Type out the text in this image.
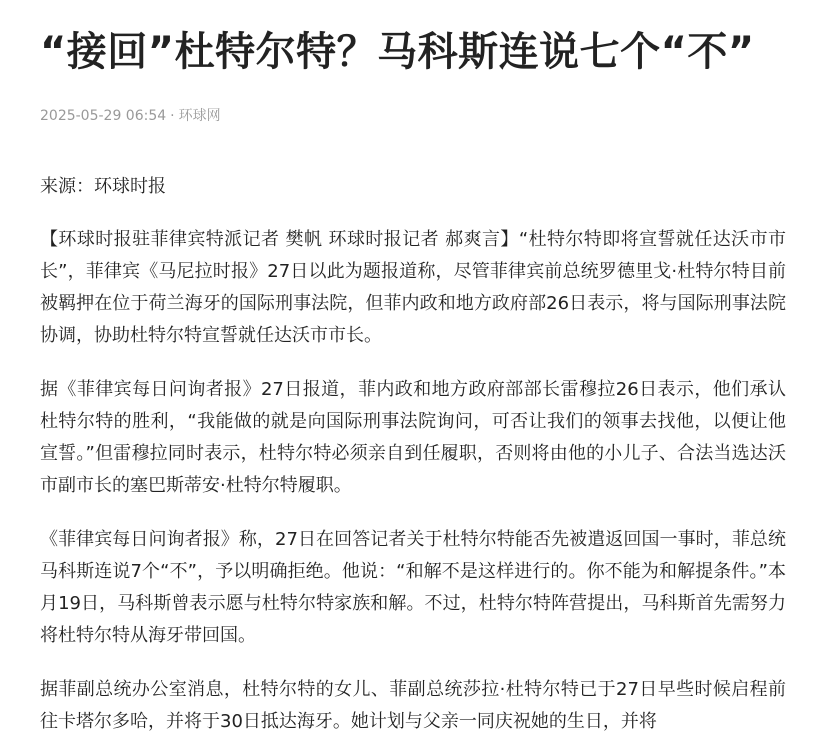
“接回”杜特尔特？马科斯连说七个“不”
2025-05-29 06:54 · 环球网
来源：环球时报

【环球时报驻菲律宾特派记者 樊帆 环球时报记者 郝爽言】“杜特尔特即将宣誓就任达沃市市长”，菲律宾《马尼拉时报》27日以此为题报道称，尽管菲律宾前总统罗德里戈·杜特尔特目前被羁押在位于荷兰海牙的国际刑事法院，但菲内政和地方政府部26日表示，将与国际刑事法院协调，协助杜特尔特宣誓就任达沃市市长。

据《菲律宾每日问询者报》27日报道，菲内政和地方政府部部长雷穆拉26日表示，他们承认杜特尔特的胜利，“我能做的就是向国际刑事法院询问，可否让我们的领事去找他，以便让他宣誓。”但雷穆拉同时表示，杜特尔特必须亲自到任履职，否则将由他的小儿子、合法当选达沃市副市长的塞巴斯蒂安·杜特尔特履职。

《菲律宾每日问询者报》称，27日在回答记者关于杜特尔特能否先被遣返回国一事时，菲总统马科斯连说7个“不”，予以明确拒绝。他说：“和解不是这样进行的。你不能为和解提条件。”本月19日，马科斯曾表示愿与杜特尔特家族和解。不过，杜特尔特阵营提出，马科斯首先需努力将杜特尔特从海牙带回国。

据菲副总统办公室消息，杜特尔特的女儿、菲副总统莎拉·杜特尔特已于27日早些时候启程前往卡塔尔多哈，并将于30日抵达海牙。她计划与父亲一同庆祝她的生日，并将
